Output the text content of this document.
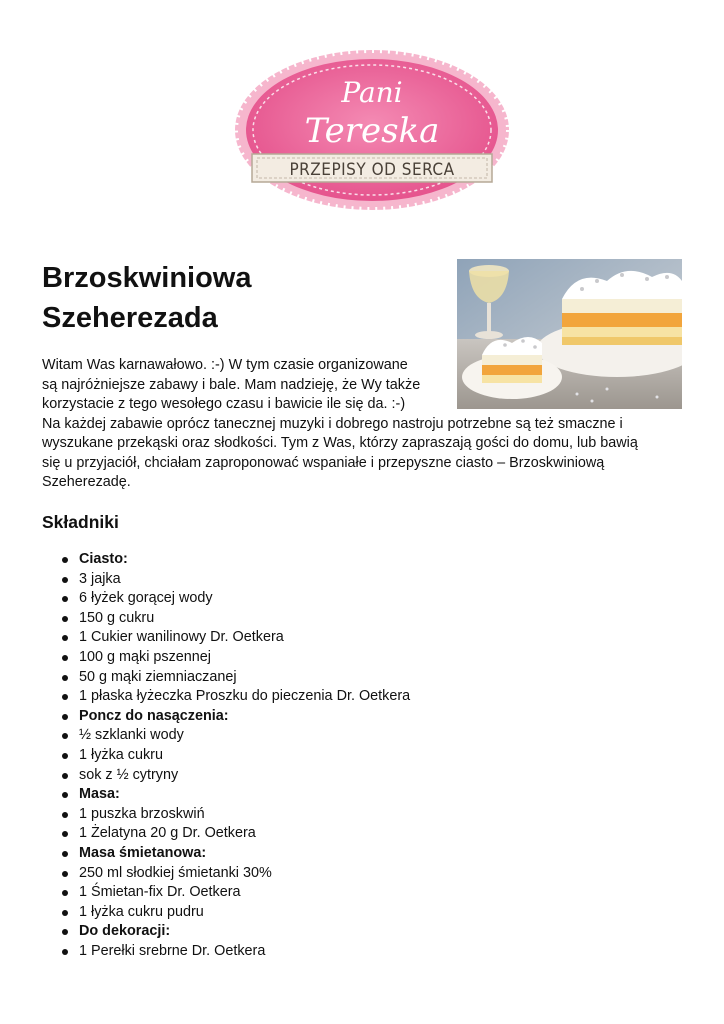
Pani
Tereska
PRZEPISY OD SERCA
Brzoskwiniowa
Szeherezada

Witam Was karnawałowo. :-) W tym czasie organizowane
są najróżniejsze zabawy i bale. Mam nadzieję, że Wy także
korzystacie z tego wesołego czasu i bawicie ile się da. :-)
Na każdej zabawie oprócz tanecznej muzyki i dobrego nastroju potrzebne są też smaczne i
wyszukane przekąski oraz słodkości. Tym z Was, którzy zapraszają gości do domu, lub bawią
się u przyjaciół, chciałam zaproponować wspaniałe i przepyszne ciasto – Brzoskwiniową
Szeherezadę.

Składniki
Ciasto:
3 jajka
6 łyżek gorącej wody
150 g cukru
1 Cukier wanilinowy Dr. Oetkera
100 g mąki pszennej
50 g mąki ziemniaczanej
1 płaska łyżeczka Proszku do pieczenia Dr. Oetkera
Poncz do nasączenia:
½ szklanki wody
1 łyżka cukru
sok z ½ cytryny
Masa:
1 puszka brzoskwiń
1 Żelatyna 20 g Dr. Oetkera
Masa śmietanowa:
250 ml słodkiej śmietanki 30%
1 Śmietan-fix Dr. Oetkera
1 łyżka cukru pudru
Do dekoracji:
1 Perełki srebrne Dr. Oetkera
